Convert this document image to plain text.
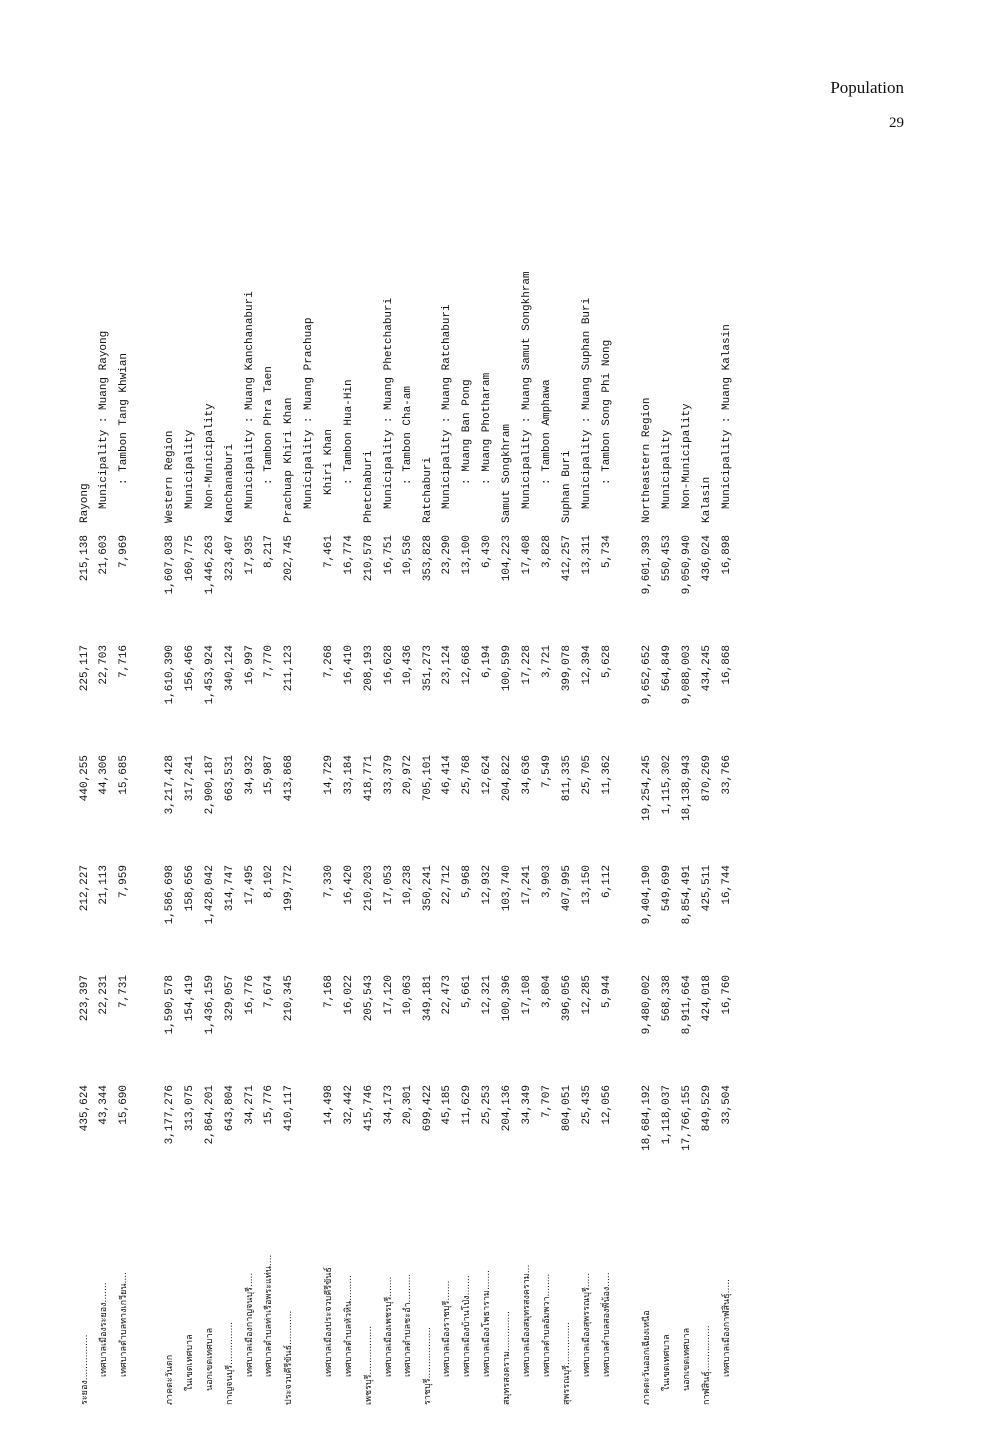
Population
29
ระยอง................
435,624
223,397
212,227
440,255
225,117
215,138
Rayong
เทศบาลเมืองระยอง.......
43,344
22,231
21,113
44,306
22,703
21,603
Municipality : Muang Rayong
เทศบาลตำบลทางเกวียน....
15,690
7,731
7,959
15,685
7,716
7,969
: Tambon Tang Khwian
ภาคตะวันตก
3,177,276
1,590,578
1,586,698
3,217,428
1,610,390
1,607,038
Western Region
ในเขตเทศบาล
313,075
154,419
158,656
317,241
156,466
160,775
Municipality
นอกเขตเทศบาล
2,864,201
1,436,159
1,428,042
2,900,187
1,453,924
1,446,263
Non-Municipality
กาญจนบุรี...............
643,804
329,057
314,747
663,531
340,124
323,407
Kanchanaburi
เทศบาลเมืองกาญจนบุรี.....
34,271
16,776
17,495
34,932
16,997
17,935
Municipality : Muang Kanchanaburi
เทศบาลตำบลท่าเรือพระแท่น....
15,776
7,674
8,102
15,987
7,770
8,217
: Tambon Phra Taen
ประจวบคีรีขันธ์............
410,117
210,345
199,772
413,868
211,123
202,745
Prachuap Khiri Khan Municipality : Muang Prachuap
เทศบาลเมืองประจวบคีรีขันธ์
14,498
7,168
7,330
14,729
7,268
7,461
Khiri Khan
เทศบาลตำบลหัวหิน.........
32,442
16,022
16,420
33,184
16,410
16,774
: Tambon Hua-Hin
เพชรบุรี.................
415,746
205,543
210,203
418,771
208,193
210,578
Phetchaburi
เทศบาลเมืองเพชรบุรี.......
34,173
17,120
17,053
33,379
16,628
16,751
Municipality : Muang Phetchaburi
เทศบาลตำบลชะอำ..........
20,301
10,063
10,238
20,972
10,436
10,536
: Tambon Cha-am
ราชบุรี..................
699,422
349,181
350,241
705,101
351,273
353,828
Ratchaburi
เทศบาลเมืองราชบุรี.......
45,185
22,473
22,712
46,414
23,124
23,290
Municipality : Muang Ratchaburi
เทศบาลเมืองบ้านโป่ง.......
11,629
5,661
5,968
25,768
12,668
13,100
: Muang Ban Pong
เทศบาลเมืองโพธาราม.......
25,253
12,321
12,932
12,624
6,194
6,430
: Muang Photharam
สมุทรสงคราม..............
204,136
100,396
103,740
204,822
100,599
104,223
Samut Songkhram
เทศบาลเมืองสมุทรสงคราม...
34,349
17,108
17,241
34,636
17,228
17,408
Municipality : Muang Samut Songkhram
เทศบาลตำบลอัมพวา........
7,707
3,804
3,903
7,549
3,721
3,828
: Tambon Amphawa
สุพรรณบุรี...............
804,051
396,056
407,995
811,335
399,078
412,257
Suphan Buri
เทศบาลเมืองสุพรรณบุรี.....
25,435
12,285
13,150
25,705
12,394
13,311
Municipality : Muang Suphan Buri
เทศบาลตำบลสองพี่น้อง.....
12,056
5,944
6,112
11,362
5,628
5,734
: Tambon Song Phi Nong
ภาคตะวันออกเฉียงเหนือ
18,684,192
9,480,002
9,404,190
19,254,245
9,652,652
9,601,393
Northeastern Region
ในเขตเทศบาล
1,118,037
568,338
549,699
1,115,302
564,849
550,453
Municipality
นอกเขตเทศบาล
17,766,155
8,911,664
8,854,491
18,138,943
9,088,003
9,050,940
Non-Municipality
กาฬสินธุ์................
849,529
424,018
425,511
870,269
434,245
436,024
Kalasin
เทศบาลเมืองกาฬสินธุ์.....
33,504
16,760
16,744
33,766
16,868
16,898
Municipality : Muang Kalasin
